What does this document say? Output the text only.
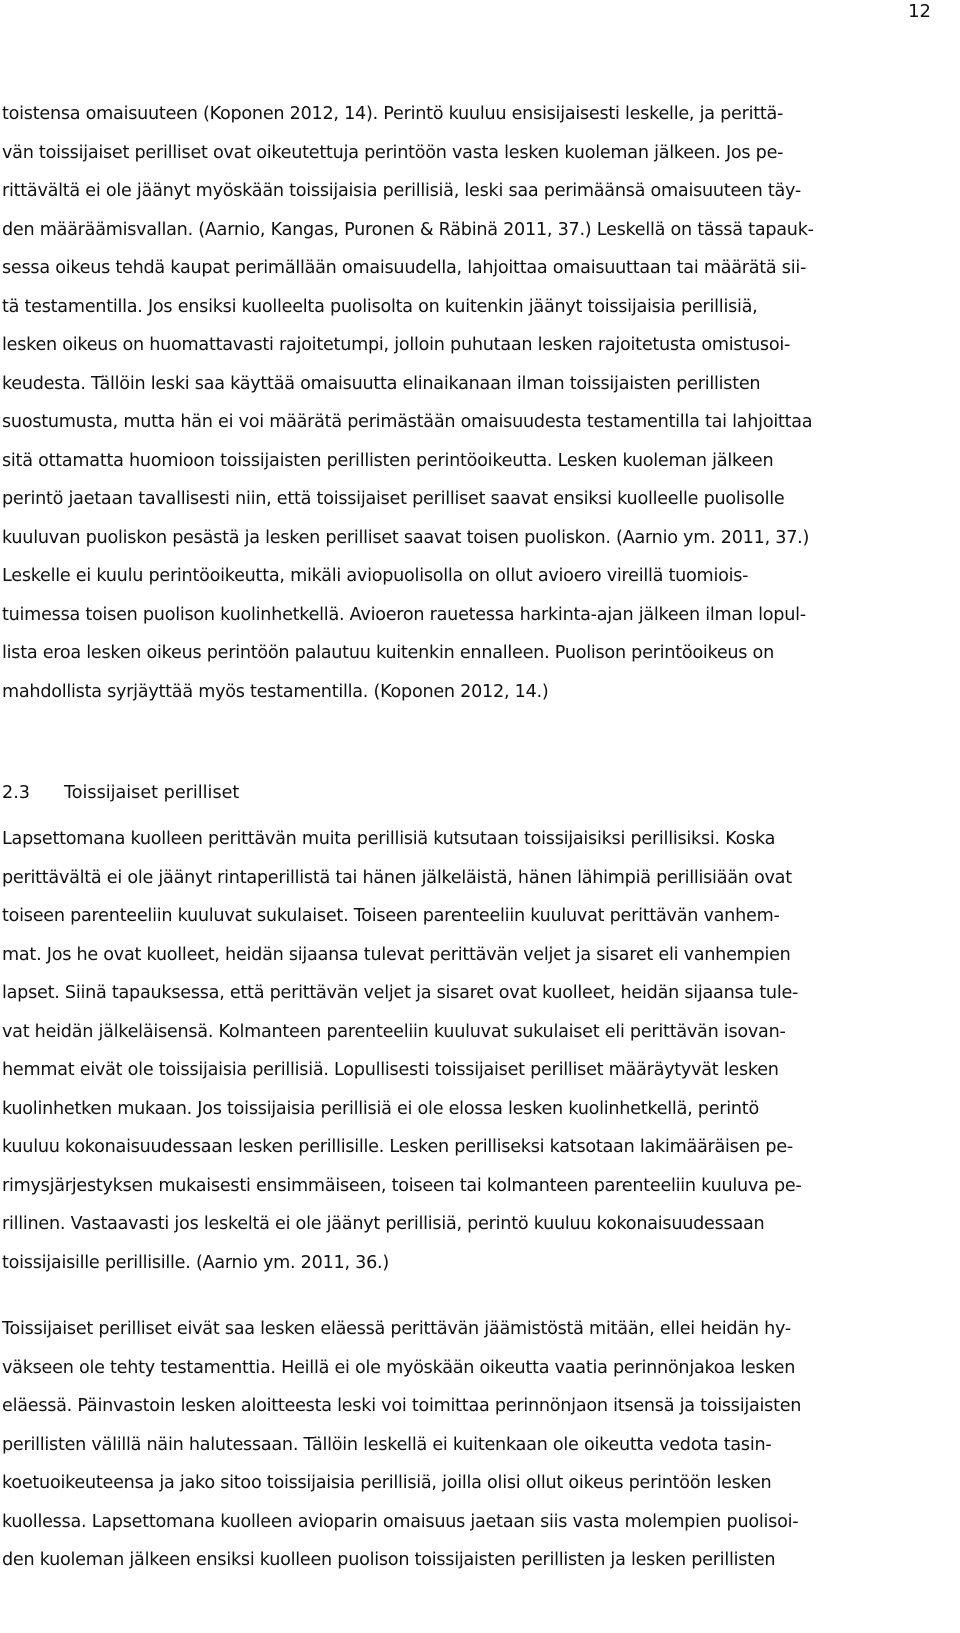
12
toistensa omaisuuteen (Koponen 2012, 14). Perintö kuuluu ensisijaisesti leskelle, ja perittä-
vän toissijaiset perilliset ovat oikeutettuja perintöön vasta lesken kuoleman jälkeen. Jos pe-
rittävältä ei ole jäänyt myöskään toissijaisia perillisiä, leski saa perimäänsä omaisuuteen täy-
den määräämisvallan. (Aarnio, Kangas, Puronen & Räbinä 2011, 37.) Leskellä on tässä tapauk-
sessa oikeus tehdä kaupat perimällään omaisuudella, lahjoittaa omaisuuttaan tai määrätä sii-
tä testamentilla. Jos ensiksi kuolleelta puolisolta on kuitenkin jäänyt toissijaisia perillisiä,
lesken oikeus on huomattavasti rajoitetumpi, jolloin puhutaan lesken rajoitetusta omistusoi-
keudesta. Tällöin leski saa käyttää omaisuutta elinaikanaan ilman toissijaisten perillisten
suostumusta, mutta hän ei voi määrätä perimästään omaisuudesta testamentilla tai lahjoittaa
sitä ottamatta huomioon toissijaisten perillisten perintöoikeutta. Lesken kuoleman jälkeen
perintö jaetaan tavallisesti niin, että toissijaiset perilliset saavat ensiksi kuolleelle puolisolle
kuuluvan puoliskon pesästä ja lesken perilliset saavat toisen puoliskon. (Aarnio ym. 2011, 37.)
Leskelle ei kuulu perintöoikeutta, mikäli aviopuolisolla on ollut avioero vireillä tuomiois-
tuimessa toisen puolison kuolinhetkellä. Avioeron rauetessa harkinta-ajan jälkeen ilman lopul-
lista eroa lesken oikeus perintöön palautuu kuitenkin ennalleen. Puolison perintöoikeus on
mahdollista syrjäyttää myös testamentilla. (Koponen 2012, 14.)
2.3 Toissijaiset perilliset
Lapsettomana kuolleen perittävän muita perillisiä kutsutaan toissijaisiksi perillisiksi. Koska
perittävältä ei ole jäänyt rintaperillistä tai hänen jälkeläistä, hänen lähimpiä perillisiään ovat
toiseen parenteeliin kuuluvat sukulaiset. Toiseen parenteeliin kuuluvat perittävän vanhem-
mat. Jos he ovat kuolleet, heidän sijaansa tulevat perittävän veljet ja sisaret eli vanhempien
lapset. Siinä tapauksessa, että perittävän veljet ja sisaret ovat kuolleet, heidän sijaansa tule-
vat heidän jälkeläisensä. Kolmanteen parenteeliin kuuluvat sukulaiset eli perittävän isovan-
hemmat eivät ole toissijaisia perillisiä. Lopullisesti toissijaiset perilliset määräytyvät lesken
kuolinhetken mukaan. Jos toissijaisia perillisiä ei ole elossa lesken kuolinhetkellä, perintö
kuuluu kokonaisuudessaan lesken perillisille. Lesken perilliseksi katsotaan lakimääräisen pe-
rimysjärjestyksen mukaisesti ensimmäiseen, toiseen tai kolmanteen parenteeliin kuuluva pe-
rillinen. Vastaavasti jos leskeltä ei ole jäänyt perillisiä, perintö kuuluu kokonaisuudessaan
toissijaisille perillisille. (Aarnio ym. 2011, 36.)
Toissijaiset perilliset eivät saa lesken eläessä perittävän jäämistöstä mitään, ellei heidän hy-
väkseen ole tehty testamenttia. Heillä ei ole myöskään oikeutta vaatia perinnönjakoa lesken
eläessä. Päinvastoin lesken aloitteesta leski voi toimittaa perinnönjaon itsensä ja toissijaisten
perillisten välillä näin halutessaan. Tällöin leskellä ei kuitenkaan ole oikeutta vedota tasin-
koetuoikeuteensa ja jako sitoo toissijaisia perillisiä, joilla olisi ollut oikeus perintöön lesken
kuollessa. Lapsettomana kuolleen avioparin omaisuus jaetaan siis vasta molempien puolisoi-
den kuoleman jälkeen ensiksi kuolleen puolison toissijaisten perillisten ja lesken perillisten
